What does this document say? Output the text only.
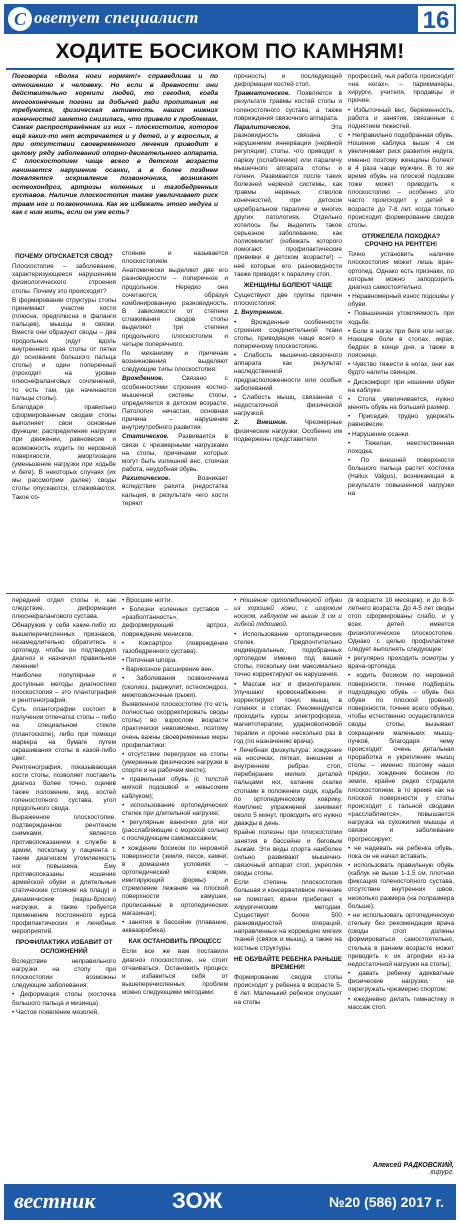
С оветует специалист	16
ХОДИТЕ БОСИКОМ ПО КАМНЯМ!
Поговорка «Волка ноги кормят!» справедлива и по отношению к человеку. Но если в древности они действительно кормили людей, то сегодня, когда многоконечные погони за добычей ради пропитания не требуются, физическая активность наших нижних конечностей заметно снизилась, что привело к проблемам. Самая распространённая из них – плоскостопие, которое ещё каких-то нет встречается и у детей, и у взрослых, а при отсутствии своевременного лечения приводит к целому ряду заболеваний опорно-двигательного аппарата. С плоскостопием чаще всего в детском возрасте начинается нарушение осанки, а в более позднем появляется искривление позвоночника, возникают остеохондроз, артрозы коленных и тазобедренных суставов. Наличие плоскостопия также увеличивает риск травм ног и позвоночника. Как же избежать этого недуга и как с ним жить, если он уже есть?
ПОЧЕМУ ОПУСКАЕТСЯ СВОД?

Плоскостопие – заболевание, характеризующееся нарушением физиологического строения стопы. Почему это происходит?

В формировании структуры стопы принимают участие кости (плюсна, предплюсна и фаланги пальцев), мышцы и связки. Вместе они образуют своды – два продольных (идут вдоль внутреннего края стопы от пятки до основания большого пальца стопы) и один поперечный (проходит на уровне плюснефаланговых сочленений, то есть там, где начинаются пальцы стопы).

Благодаря правильно сформированным сводам стопы выполняет свои основные функции: распределение нагрузки при движении, равновесие и возможность ходить по неровной поверхности, амортизация (уменьшение нагрузки при ходьбе и беге). В некоторых случаях (их мы рассмотрим далее) своды стопы опускаются, сглаживаются. Такое со-

стояние и называется плоскостопием.

Анатомически выделяют две его разновидности – поперечное и продольное. Нередко они сочетаются, образуя комбинированную разновидность. В зависимости от степени сглаживания сводов стопы выделяют три степени продольного плоскостопия и четыре поперечного.

По механизму и причинам возникновения выделяют следующие типы плоскостопия:

Врожденное.	Связано с особенностями строения костно-мышечной системы стопы, определяется в детском возрасте. Патология нечастая, основная причина – нарушение внутриутробного развития.

Статическое. Развивается в связи с чрезмерными нагрузками на стопы, причинами которых могут быть излишний вес, стоячая работа, неудобная обувь.

Рахитическое.	Возникает вследствие рахита (недостатка кальция, в результате чего кости теряют

прочность) и последующей деформации костей стоп.

Травматическое. Появляется в результате травмы костей стопы и голеностопного сустава, а также повреждения связочного аппарата.

Паралитическое.	Эта разновидность связана с нарушением иннервации (нервной регуляции) стопы, что приводит к парезу (ослаблению) или параличу мышечного аппарата стопы и голени. Развивается после таких болезней нервной системы, как травмы нервных стволов конечностей, при детском церебральном параличе и многих других патологиях. Отдельно хотелось бы выделить такое серьезное заболевание, как полиомиелит (избежать которого помогают профилактические прививки в детском возрасте!) – неё которые его разновидности также приводят к параличу стоп.

ЖЕНЩИНЫ БОЛЕЮТ ЧАЩЕ

Существуют две группы причин плоскостопия:

1. Внутренние.

• Врожденные особенности строения соединительной ткани стопы, приводящие чаще всего к поперечному плоскостопию.

• Слабость мышечно-связочного аппарата как результат наследственной предрасположенности или особых заболеваний.

• Слабость мышц, связанная с недостаточной физической нагрузкой.

2. Внешние.	Чрезмерные физические нагрузки. Особенно им подвержены представители

профессий, чья работа происходит «на ногах», – парикмахеры, хирурги, учителя, продавцы и прочие.

• Избыточный вес, беременность, работа и занятия, связанные с поднятием тяжестей.

• Неправильно подобранная обувь. Ношение каблука выше 4 см увеличивает риск развития недуга, именно поэтому женщины болеют в 4 раза чаще мужчин. В то же время обувь на плоской подошве тоже может приводить к плоскостопию – особенно это часто происходит у детей в возрасте до 7-8 лет, когда только происходит формирование сводов стопы.

ОТЯЖЕЛЕЛА ПОХОДКА? СРОЧНО НА РЕНТГЕН!

Точно установить наличие плоскостопия может лишь врач-ортопед. Однако есть признаки, по которым можно заподозрить диагноз самостоятельно:

• Неравномерный износ подошвы у обуви.

• Повышенная утомляемость при ходьбе.

• Боли в ногах при беге или ногах. Ноющие боли в стопах, икрах, бедрах в конце дня, а также в пояснице.

• Чувство тяжести в ногах, они как будто налиты свинцом.

• Дискомфорт при ношении обуви на каблуке.

• Стопа увеличивается, нужно менять обувь на больший размер.

• Приседая, трудно удержать равновесие.

• Нарушение осанки.

• Тяжелая, неестественная походка.

• По внешней поверхности большого пальца растет косточка (Hallux Valgus), возникающая в результате повышенной нагрузки на

передний отдел стопы и, как следствие, деформации плюснефалангового сустава.

Обнаружив у себя какие-либо из вышеперечисленных признаков, незамедлительно обратитесь к ортопеду, чтобы он подтвердил диагноз и назначил правильное лечение!

Наиболее популярные и доступные методы диагностики плоскостопия – это плантография и рентгенография.

Суть плантографии состоит в получении отпечатка стопы – либо на специальном стекле (плантоскопе), либо при помощи маркера на бумаге путем окрашивания стопы в какой-либо цвет.

Рентгенография, показывающая кости стопы, позволяет поставить диагноз более точно, оценив также положение, вид, костей голеностопного сустава, угол продольного свода.

Выраженное плоскостопие, подтвержденное рентгеном снимками, является противопоказанием к службе в армии, поскольку у пациента с таким диагнозом утомляемость ног повышена. Ему противопоказаны ношение армейской обуви и длительные статические (стояние на плацу) и динамические (марш-броски) нагрузки, а также требуется применение постоянного курса профилактических и лечебных мероприятий.

ПРОФИЛАКТИКА ИЗБАВИТ ОТ ОСЛОЖНЕНИЙ

Вследствие неправильного нагрузки на стопу при плоскостопии возможны следующие заболевания:

• Деформация стопы (косточка большого пальца и мизинца).

• Частое появление мозолей.

• Вросшие ногти.

• Болезни коленных суставов – «разболтанность», деформирующий артроз, повреждение менисков.

• Коксартроз (повреждение тазобедренного сустава).

• Пяточная шпора.

• Варикозное расширение вен.

• Заболевания позвоночника (сколиоз, радикулит, остеохондроз, межпозвоночные грыжи).

Выявленное плоскостопие (то есть полностью скорректировать своды стопы) во взрослом возрасте практически невозможно, поэтому очень важны своевременные меры профилактики:

• отсутствие перегрузок на стопы (умеренные физические нагрузки в спорте и на рабочем месте);

• правильная обувь (с толстой мягкой подошвой и невысоким каблуком);

• использование ортопедических стелек при длительной нагрузке;

• регулярные ванночки для ног (расслабляющие с морской солью) с последующим самомассажем;

• хождение босиком по неровной поверхности (земля, песок, камни, в домашних условиях – ортопедический коврик, имитирующий формы) и стремление лежание на плоской поверхности камушек, прописанные в ортопедических магазинах);

• занятия в бассейне (плавание, аквааэробика).

КАК ОСТАНОВИТЬ ПРОЦЕСС

Если все же вам поставили диагноз плоскостопие, не стоит отчаиваться. Остановить процесс и избавиться себя от вышеперечисленных проблем можно следующими методами:

• Ношение ортопедической обуви из хорошей кожи, с широким носком, каблуком не выше 3 см и гибкой подошвой.

• Использование ортопедических стелек. Предпочтительно индивидуальных, подобранных ортопедом именно под вашей стопы, поскольку они максимально точно корректируют ее нарушения.

• Массаж ног и физиотерапия. Улучшают кровоснабжение и корректируют тонус мышц в голенях и стопах. Рекомендуется проходить курсы электрофореза, магнитотерапии, ударноволновой терапии и прочее несколько раз в год (по назначению врача).

• Лечебная физкультура: хождение на носочках, пятках, внешнем и внутреннем ребрах стоп, перебирание мелких деталей пальцами ног, катание скалки стопами в положении сидя, ходьба по ортопедическому коврику. Комплекс упражнений занимает около 5 минут, проводить его нужно дважды в день.

Крайне полезны при плоскостопии занятия в бассейне и беговым лыжам. Эти виды спорта наиболее сильно развивают мышечно-связочный аппарат стоп, укрепляя своды стопы.

Если степень плоскостопия большая и консервативное лечение не помогает, врачи прибегают к хирургическим методам. Существует более 500 разновидностей операций, направленных на коррекцию мягких тканей (связок и мышц), а также на костные структуры.

НЕ ОБУВАЙТЕ РЕБЕНКА РАНЬШЕ ВРЕМЕНИ!

Формирование сводов стопы происходит у ребенка в возрасте 5-6 лет. Маленький ребенок опускает на стопы

(в возрасте 10 месяцев), и до 8-9-летнего возраста. До 4-5 лет своды стоп сформированы слабо, и у всех детей имеется физиологическое плоскостопие. Однако с целью профилактики следует выполнять следующее:

• регулярно проходить осмотры у врача-ортопеда;

• ходить босиком по неровной поверхности, точнее подбирать подходящую обувь – обувь без обуви по плоской (ровной) поверхности, точнее всего обувью, чтобы естественно осуществлялся своды стопы, вызывает сокращение маленьких мышц-пучков, благодаря чему происходит очень детальная проработка и укрепление мышц стопы – именно поэтому наши предки, хождение босиком по земле, крайне редко страдали плоскостопием, в то время как на плоской поверхности у стопы происходит с тальной сводами «расслабляется», повышается нагрузка на сухожилия мышцы и связки и заболевание прогрессирует;

• не надевать на ребенка обувь, пока он не начал вставать;

• использовать правильную обувь (каблук не выше 1-1,5 см, плотная фиксация голеностопного сустава, отсутствие внутренних швов, несколько размера (на полразмера больше);

• не использовать ортопедическую стельку без рекомендации врача (своды стоп должны формироваться самостоятельно, стелька в раннем возрасте может приводить к их атрофии из-за недостаточной нагрузки на стопы);

• давать ребенку адекватные физические нагрузки, не перегружать чрезмерно спортом;

• ежедневно делать гимнастику и массаж стоп.

Алексей РАДКОВСКИЙ, хирург.
вестник	ЗОЖ	№20 (586) 2017 г.
